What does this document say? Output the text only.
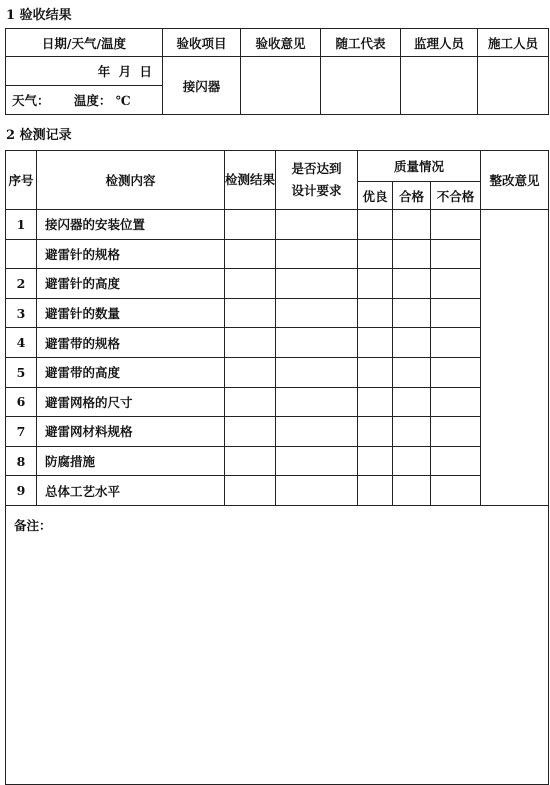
1 验收结果
日期/天气/温度	验收项目	验收意见	随工代表	监理人员	施工人员
年 月 日	接闪器				
天气： 温度： ℃					
2 检测记录
序号	检测内容	检测结果	是否达到设计要求	质量情况			整改意见
				优良	合格	不合格	
1	接闪器的安装位置						
	避雷针的规格						
2	避雷针的高度						
3	避雷针的数量						
4	避雷带的规格						
5	避雷带的高度						
6	避雷网格的尺寸						
7	避雷网材料规格						
8	防腐措施						
9	总体工艺水平						
备注：							
